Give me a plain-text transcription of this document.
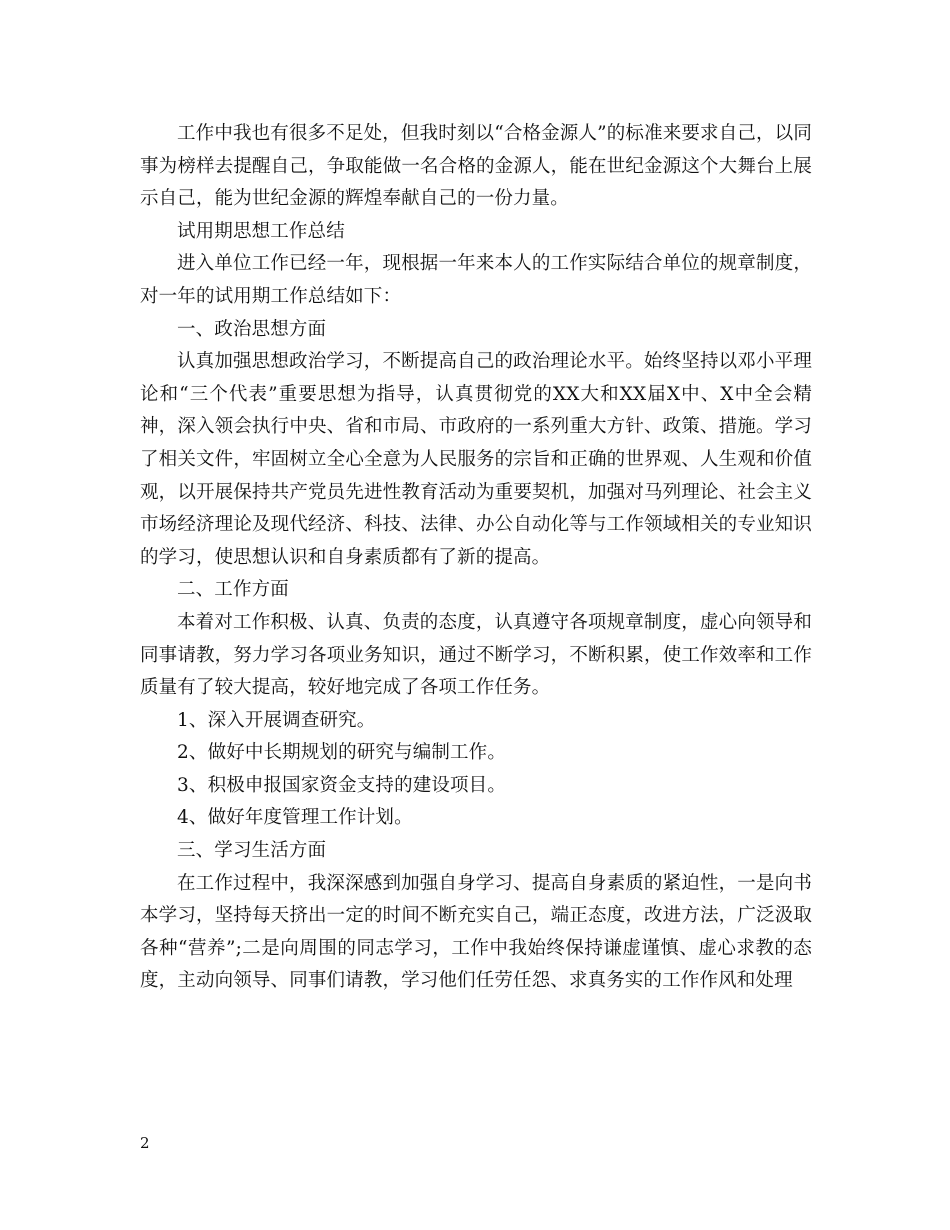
工作中我也有很多不足处，但我时刻以“合格金源人”的标准来要求自己，以同事为榜样去提醒自己，争取能做一名合格的金源人，能在世纪金源这个大舞台上展示自己，能为世纪金源的辉煌奉献自己的一份力量。

试用期思想工作总结

进入单位工作已经一年，现根据一年来本人的工作实际结合单位的规章制度，对一年的试用期工作总结如下：

一、政治思想方面

认真加强思想政治学习，不断提高自己的政治理论水平。始终坚持以邓小平理论和“三个代表”重要思想为指导，认真贯彻党的XX大和XX届X中、X中全会精神，深入领会执行中央、省和市局、市政府的一系列重大方针、政策、措施。学习了相关文件，牢固树立全心全意为人民服务的宗旨和正确的世界观、人生观和价值观，以开展保持共产党员先进性教育活动为重要契机，加强对马列理论、社会主义市场经济理论及现代经济、科技、法律、办公自动化等与工作领域相关的专业知识的学习，使思想认识和自身素质都有了新的提高。

二、工作方面

本着对工作积极、认真、负责的态度，认真遵守各项规章制度，虚心向领导和同事请教，努力学习各项业务知识，通过不断学习，不断积累，使工作效率和工作质量有了较大提高，较好地完成了各项工作任务。

1、深入开展调查研究。

2、做好中长期规划的研究与编制工作。

3、积极申报国家资金支持的建设项目。

4、做好年度管理工作计划。

三、学习生活方面

在工作过程中，我深深感到加强自身学习、提高自身素质的紧迫性，一是向书本学习，坚持每天挤出一定的时间不断充实自己，端正态度，改进方法，广泛汲取各种“营养”;二是向周围的同志学习，工作中我始终保持谦虚谨慎、虚心求教的态度，主动向领导、同事们请教，学习他们任劳任怨、求真务实的工作作风和处理

2
